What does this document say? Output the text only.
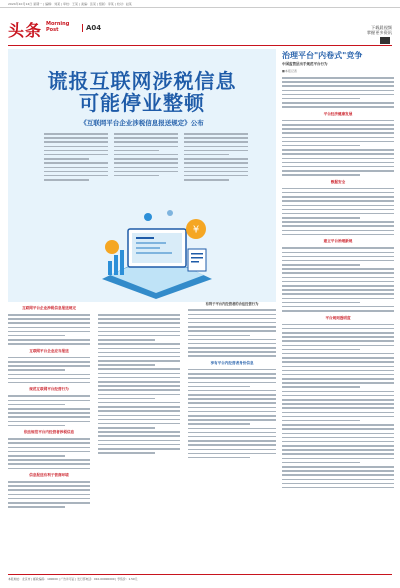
2024年10月14日 星期一 | 编辑：刘某 | 审校：王某 | 美编：张某 | 组版：李某 | 校对：赵某
头条 Morning
Post	A04	下载晨视频
掌握更多资讯
谎报互联网涉税信息
可能停业整顿
《互联网平台企业涉税信息报送规定》公布
¥
互联网平台企业涉税信息报送规定
互联网平台企业应当报送
规范互联网平台经营行为
依法规范平台内经营者涉税信息
信息报送有利于营商环境
有利于平台内经营者的合法经营行为
享有平台内经营者身份信息
治理平台"内卷式"竞争
中国监管层出手规范平台行为
■本报记者
平台经济健康发展
数据安全
建立平台治理新规
平台规则透明度
本报地址：北京市 | 邮政编码：100000 | 广告许可证 | 发行部电话：010-00000000 | 零售价：1.50元
